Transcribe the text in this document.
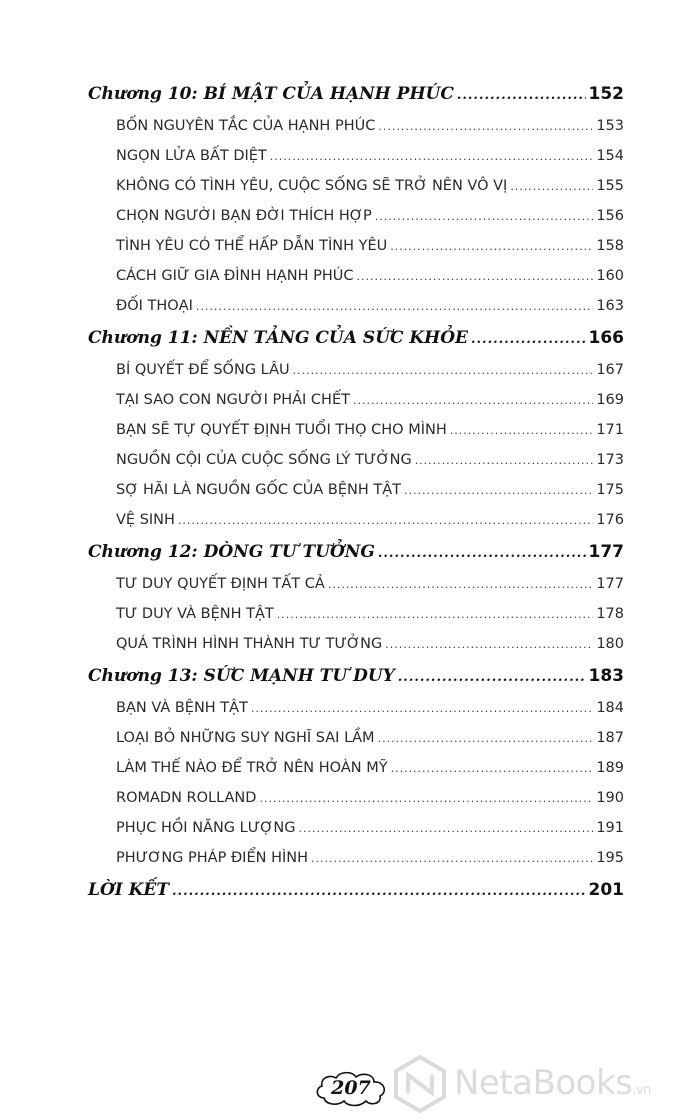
Chương 10: BÍ MẬT CỦA HẠNH PHÚC .....	152
BỐN NGUYÊN TẮC CỦA HẠNH PHÚC .....	153
NGỌN LỬA BẤT DIỆT .....	154
KHÔNG CÓ TÌNH YÊU, CUỘC SỐNG SẼ TRỞ NÊN VÔ VỊ .....	155
CHỌN NGƯỜI BẠN ĐỜI THÍCH HỢP .....	156
TÌNH YÊU CÓ THỂ HẤP DẪN TÌNH YÊU .....	158
CÁCH GIỮ GIA ĐÌNH HẠNH PHÚC .....	160
ĐỐI THOẠI .....	163
Chương 11: NỀN TẢNG CỦA SỨC KHỎE .....	166
BÍ QUYẾT ĐỂ SỐNG LÂU .....	167
TẠI SAO CON NGƯỜI PHẢI CHẾT .....	169
BẠN SẼ TỰ QUYẾT ĐỊNH TUỔI THỌ CHO MÌNH .....	171
NGUỒN CỘI CỦA CUỘC SỐNG LÝ TƯỞNG .....	173
SỢ HÃI LÀ NGUỒN GỐC CỦA BỆNH TẬT .....	175
VỆ SINH .....	176
Chương 12: DÒNG TƯ TƯỞNG .....	177
TƯ DUY QUYẾT ĐỊNH TẤT CẢ .....	177
TƯ DUY VÀ BỆNH TẬT .....	178
QUÁ TRÌNH HÌNH THÀNH TƯ TƯỞNG .....	180
Chương 13: SỨC MẠNH TƯ DUY .....	183
BẠN VÀ BỆNH TẬT .....	184
LOẠI BỎ NHỮNG SUY NGHĨ SAI LẦM .....	187
LÀM THẾ NÀO ĐỂ TRỞ NÊN HOÀN MỸ .....	189
ROMADN ROLLAND .....	190
PHỤC HỒI NĂNG LƯỢNG .....	191
PHƯƠNG PHÁP ĐIỂN HÌNH .....	195
LỜI KẾT .....	201
207 NetaBooks.vn
